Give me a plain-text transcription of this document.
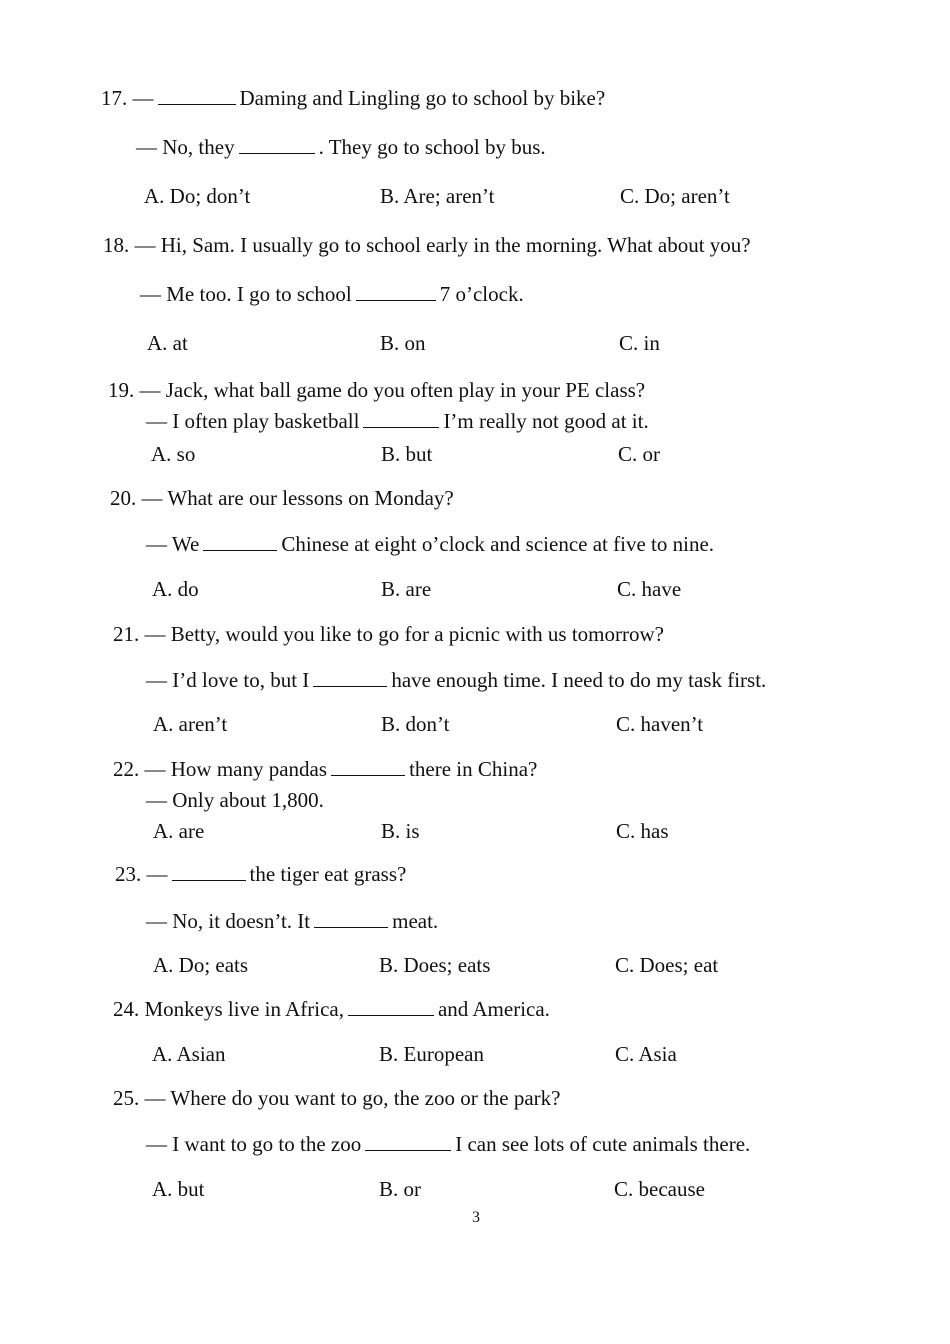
17. —	Daming and Lingling go to school by bike?
— No, they	. They go to school by bus.
A. Do; don’t	B. Are; aren’t	C. Do; aren’t
18. — Hi, Sam. I usually go to school early in the morning. What about you?
— Me too. I go to school	7 o’clock.
A. at	B. on	C. in
19. — Jack, what ball game do you often play in your PE class?
— I often play basketball	I’m really not good at it.
A. so	B. but	C. or
20. — What are our lessons on Monday?
— We	Chinese at eight o’clock and science at five to nine.
A. do	B. are	C. have
21. — Betty, would you like to go for a picnic with us tomorrow?
— I’d love to, but I	have enough time. I need to do my task first.
A. aren’t	B. don’t	C. haven’t
22. — How many pandas	there in China?
— Only about 1,800.
A. are	B. is	C. has
23. —	the tiger eat grass?
— No, it doesn’t. It	meat.
A. Do; eats	B. Does; eats	C. Does; eat
24. Monkeys live in Africa,	and America.
A. Asian	B. European	C. Asia
25. — Where do you want to go, the zoo or the park?
— I want to go to the zoo	I can see lots of cute animals there.
A. but	B. or	C. because
3
